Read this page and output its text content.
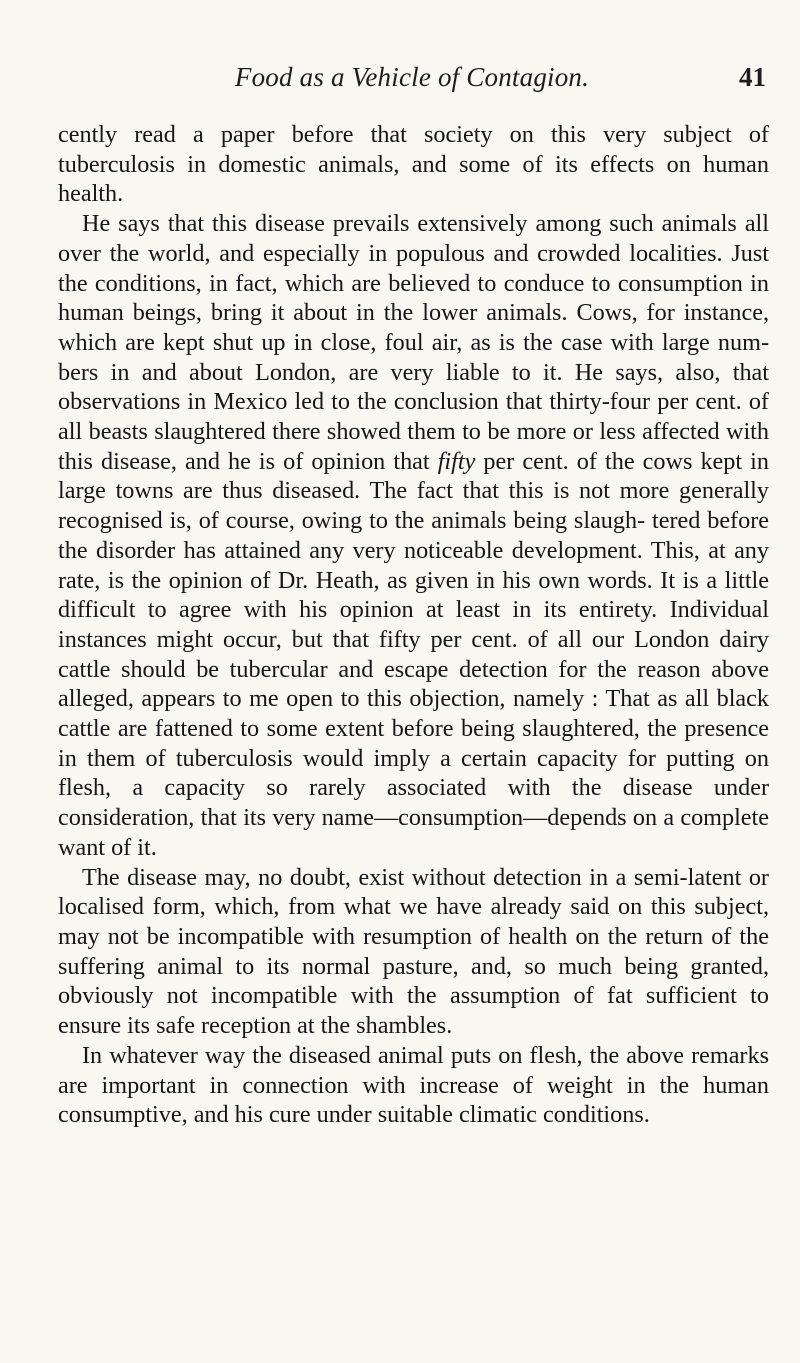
Food as a Vehicle of Contagion.	41

cently read a paper before that society on this very subject of tuberculosis in domestic animals, and some of its effects on human health.

He says that this disease prevails extensively among such animals all over the world, and especially in populous and crowded localities. Just the conditions, in fact, which are believed to conduce to consumption in human beings, bring it about in the lower animals. Cows, for instance, which are kept shut up in close, foul air, as is the case with large num- bers in and about London, are very liable to it. He says, also, that observations in Mexico led to the conclusion that thirty-four per cent. of all beasts slaughtered there showed them to be more or less affected with this disease, and he is of opinion that fifty per cent. of the cows kept in large towns are thus diseased. The fact that this is not more generally recognised is, of course, owing to the animals being slaugh- tered before the disorder has attained any very noticeable development. This, at any rate, is the opinion of Dr. Heath, as given in his own words. It is a little difficult to agree with his opinion at least in its entirety. Individual instances might occur, but that fifty per cent. of all our London dairy cattle should be tubercular and escape detection for the reason above alleged, appears to me open to this objection, namely : That as all black cattle are fattened to some extent before being slaughtered, the presence in them of tuberculosis would imply a certain capacity for putting on flesh, a capacity so rarely associated with the disease under consideration, that its very name—consumption—depends on a complete want of it.

The disease may, no doubt, exist without detection in a semi-latent or localised form, which, from what we have already said on this subject, may not be incompatible with resumption of health on the return of the suffering animal to its normal pasture, and, so much being granted, obviously not incompatible with the assumption of fat sufficient to ensure its safe reception at the shambles.

In whatever way the diseased animal puts on flesh, the above remarks are important in connection with increase of weight in the human consumptive, and his cure under suitable climatic conditions.
